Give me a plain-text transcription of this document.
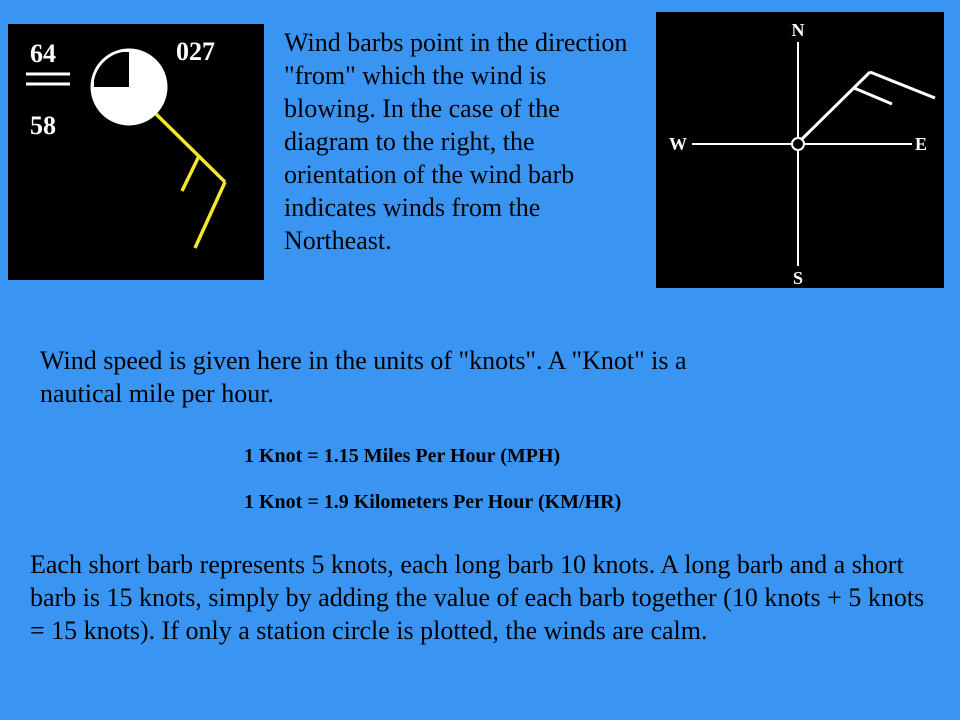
64
58
027	Wind barbs point in the direction "from" which the wind is blowing. In the case of the diagram to the right, the orientation of the wind barb indicates winds from the Northeast.

N
S
W	E

Wind speed is given here in the units of "knots". A "Knot" is a nautical mile per hour.

1 Knot = 1.15 Miles Per Hour (MPH)

1 Knot = 1.9 Kilometers Per Hour (KM/HR)

Each short barb represents 5 knots, each long barb 10 knots. A long barb and a short barb is 15 knots, simply by adding the value of each barb together (10 knots + 5 knots = 15 knots). If only a station circle is plotted, the winds are calm.
